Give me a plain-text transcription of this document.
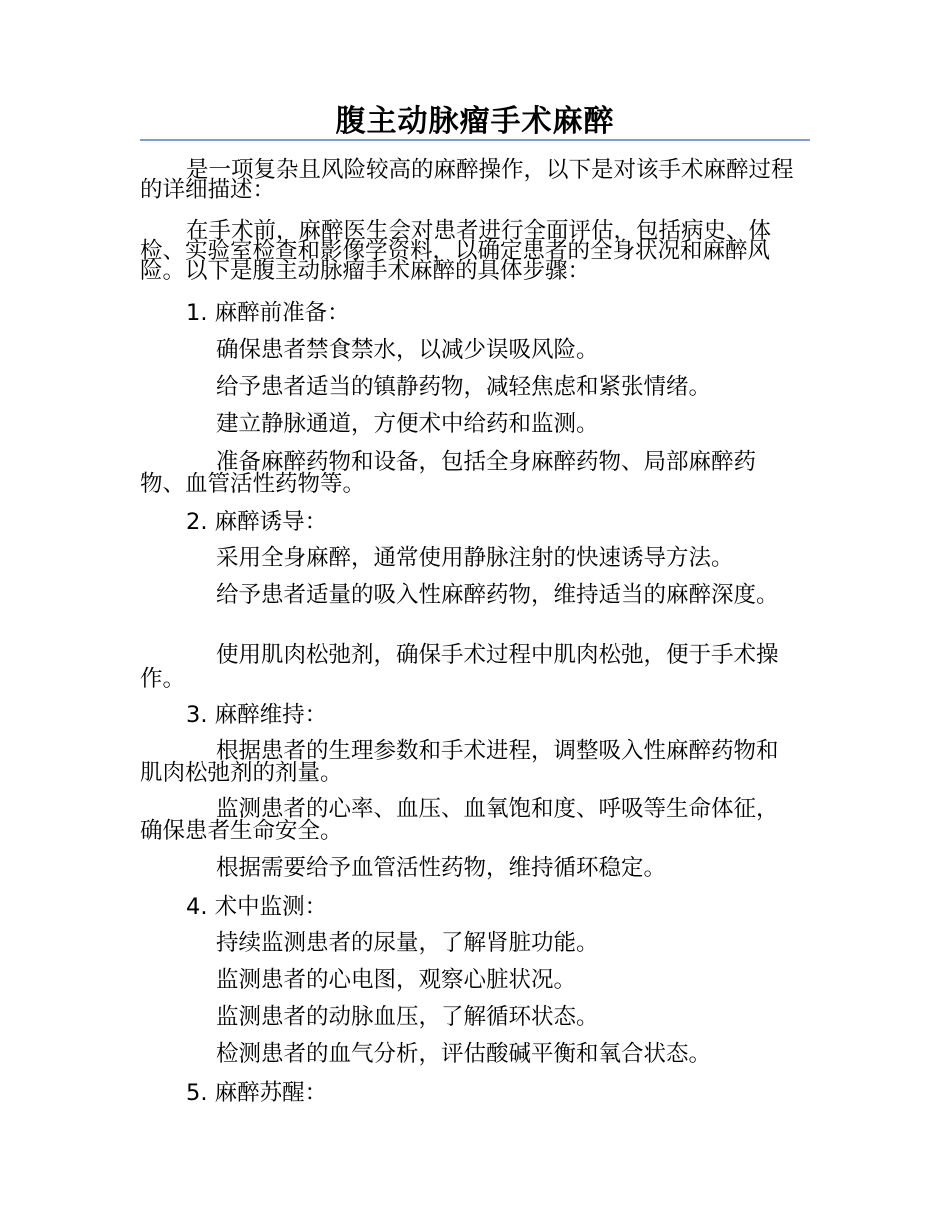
腹主动脉瘤手术麻醉
是一项复杂且风险较高的麻醉操作，以下是对该手术麻醉过程的详细描述：
在手术前，麻醉医生会对患者进行全面评估，包括病史、体检、实验室检查和影像学资料，以确定患者的全身状况和麻醉风险。以下是腹主动脉瘤手术麻醉的具体步骤：
1. 麻醉前准备：
确保患者禁食禁水，以减少误吸风险。
给予患者适当的镇静药物，减轻焦虑和紧张情绪。
建立静脉通道，方便术中给药和监测。
准备麻醉药物和设备，包括全身麻醉药物、局部麻醉药物、血管活性药物等。
2. 麻醉诱导：
采用全身麻醉，通常使用静脉注射的快速诱导方法。
给予患者适量的吸入性麻醉药物，维持适当的麻醉深度。
使用肌肉松弛剂，确保手术过程中肌肉松弛，便于手术操作。
3. 麻醉维持：
根据患者的生理参数和手术进程，调整吸入性麻醉药物和肌肉松弛剂的剂量。
监测患者的心率、血压、血氧饱和度、呼吸等生命体征，确保患者生命安全。
根据需要给予血管活性药物，维持循环稳定。
4. 术中监测：
持续监测患者的尿量，了解肾脏功能。
监测患者的心电图，观察心脏状况。
监测患者的动脉血压，了解循环状态。
检测患者的血气分析，评估酸碱平衡和氧合状态。
5. 麻醉苏醒：
